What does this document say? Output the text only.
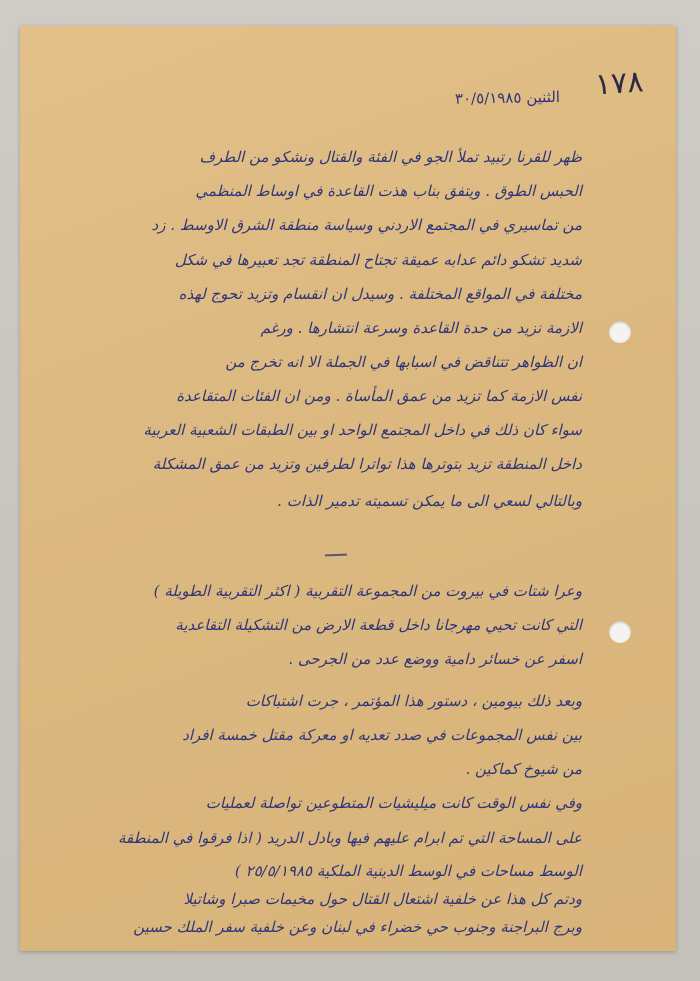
١٧٨
الثنين ٣٠/٥/١٩٨٥
ظهر للقرنا رتبيد تملأ الجو في الفئة والقتال ونشكو من الطرف
الحبس الطوق . ويتفق بناب هذت القاعدة في اوساط المنظمي
من تماسيري في المجتمع الاردني وسياسة منطقة الشرق الاوسط . زد
شديد تشكو دائم عدابه عميقة تجتاح المنطقة تجد تعبيرها في شكل
مختلفة في المواقع المختلفة . وسيدل ان انقسام وتزيد تحوج لهذه
الازمة نزيد من حدة القاعدة وسرعة انتشارها . ورغم
ان الظواهر تتناقض في اسبابها في الجملة الا انه تخرج من
نفس الازمة كما تزيد من عمق المأساة . ومن ان الفئات المتقاعدة
سواء كان ذلك في داخل المجتمع الواحد او بين الطبقات الشعبية العربية
داخل المنطقة تزيد بتوترها هذا تواترا لطرفين وتزيد من عمق المشكلة
وبالتالي لسعي الى ما يمكن تسميته تدمير الذات .
وعرا شتات في بيروت من المجموعة التقربية ( اكثر التقربية الطويلة )
التي كانت تحيي مهرجانا داخل قطعة الارض من التشكيلة التقاعدية
اسفر عن خسائر دامية ووضع عدد من الجرحى .
وبعد ذلك بيومين ، دستور هذا المؤتمر ، جرت اشتباكات
بين نفس المجموعات في صدد تعديه او معركة مقتل خمسة افراد
من شيوخ كماكين .
وفي نفس الوقت كانت ميليشيات المتطوعين تواصلة لعمليات
على المساحة التي تم ابرام عليهم فيها وبادل الدريد ( اذا فرقوا في المنطقة
الوسط مساحات في الوسط الدينية الملكية ٢٥/٥/١٩٨٥ )
ودتم كل هذا عن خلفية اشتعال القتال حول مخيمات صبرا وشاتيلا
وبرج البراجنة وجنوب حي خضراء في لبنان وعن خلفية سفر الملك حسين
